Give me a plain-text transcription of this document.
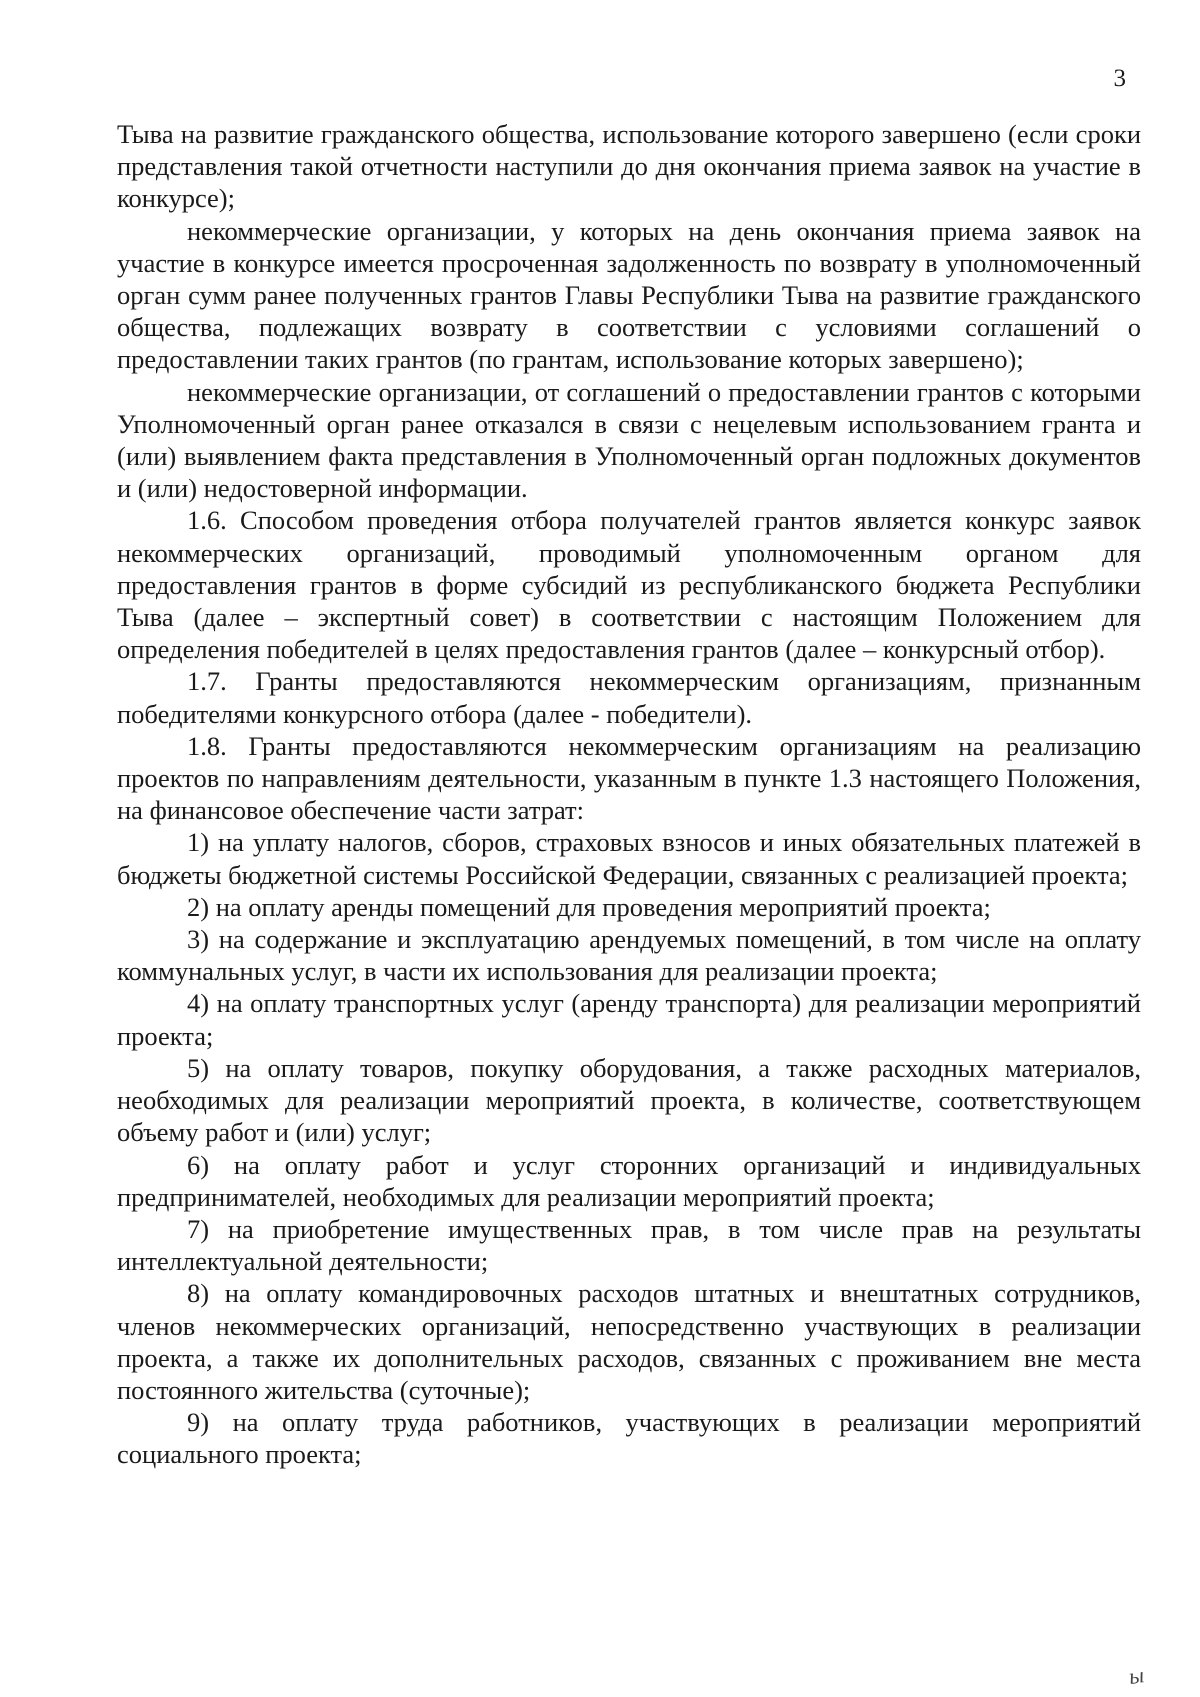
3

Тыва на развитие гражданского общества, использование которого завершено (если сроки представления такой отчетности наступили до дня окончания приема заявок на участие в конкурсе);

некоммерческие организации, у которых на день окончания приема заявок на участие в конкурсе имеется просроченная задолженность по возврату в уполномоченный орган сумм ранее полученных грантов Главы Республики Тыва на развитие гражданского общества, подлежащих возврату в соответствии с условиями соглашений о предоставлении таких грантов (по грантам, использование которых завершено);

некоммерческие организации, от соглашений о предоставлении грантов с которыми Уполномоченный орган ранее отказался в связи с нецелевым использованием гранта и (или) выявлением факта представления в Уполномоченный орган подложных документов и (или) недостоверной информации.

1.6. Способом проведения отбора получателей грантов является конкурс заявок некоммерческих организаций, проводимый уполномоченным органом для предоставления грантов в форме субсидий из республиканского бюджета Республики Тыва (далее – экспертный совет) в соответствии с настоящим Положением для определения победителей в целях предоставления грантов (далее – конкурсный отбор).

1.7. Гранты предоставляются некоммерческим организациям, признанным победителями конкурсного отбора (далее - победители).

1.8. Гранты предоставляются некоммерческим организациям на реализацию проектов по направлениям деятельности, указанным в пункте 1.3 настоящего Положения, на финансовое обеспечение части затрат:

1) на уплату налогов, сборов, страховых взносов и иных обязательных платежей в бюджеты бюджетной системы Российской Федерации, связанных с реализацией проекта;

2) на оплату аренды помещений для проведения мероприятий проекта;

3) на содержание и эксплуатацию арендуемых помещений, в том числе на оплату коммунальных услуг, в части их использования для реализации проекта;

4) на оплату транспортных услуг (аренду транспорта) для реализации мероприятий проекта;

5) на оплату товаров, покупку оборудования, а также расходных материалов, необходимых для реализации мероприятий проекта, в количестве, соответствующем объему работ и (или) услуг;

6) на оплату работ и услуг сторонних организаций и индивидуальных предпринимателей, необходимых для реализации мероприятий проекта;

7) на приобретение имущественных прав, в том числе прав на результаты интеллектуальной деятельности;

8) на оплату командировочных расходов штатных и внештатных сотрудников, членов некоммерческих организаций, непосредственно участвующих в реализации проекта, а также их дополнительных расходов, связанных с проживанием вне места постоянного жительства (суточные);

9) на оплату труда работников, участвующих в реализации мероприятий социального проекта;

ы
